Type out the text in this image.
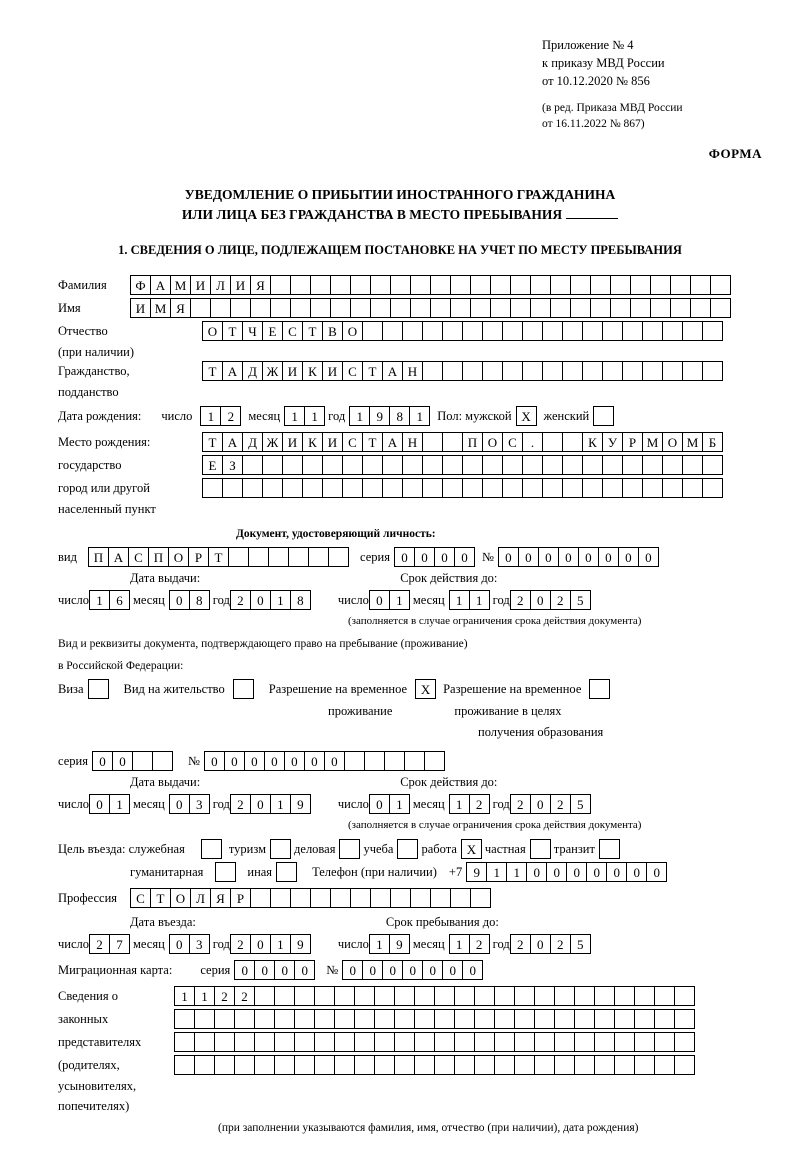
Приложение № 4
к приказу МВД России
от 10.12.2020 № 856
(в ред. Приказа МВД России
от 16.11.2022 № 867)
ФОРМА
УВЕДОМЛЕНИЕ О ПРИБЫТИИ ИНОСТРАННОГО ГРАЖДАНИНА
ИЛИ ЛИЦА БЕЗ ГРАЖДАНСТВА В МЕСТО ПРЕБЫВАНИЯ
1. СВЕДЕНИЯ О ЛИЦЕ, ПОДЛЕЖАЩЕМ ПОСТАНОВКЕ НА УЧЕТ ПО МЕСТУ ПРЕБЫВАНИЯ
Фамилия	Ф А М И Л И Я
Имя	И М Я
Отчество	О Т Ч Е С Т В О
(при наличии)
Гражданство,	Т А Д Ж И К И С Т А Н
подданство
Дата рождения: число	1	2	месяц 1	1 год 1	9	8	1	Пол: мужской Х	женский
Место рождения:	Т А Д Ж И К И С Т А Н	П О С	.	К У Р М О М Б
государство	Е З
город или другой
населенный пункт
Документ, удостоверяющий личность:
вид	П А С П О Р Т	серия 0	0	0	0	№ 0	0	0	0	0	0	0	0
Дата выдачи:	Срок действия до:
число 1	6 месяц 0	8 год 2	0	1	8	число 0	1 месяц 1	1 год 2	0	2	5
(заполняется в случае ограничения срока действия документа)
Вид и реквизиты документа, подтверждающего право на пребывание (проживание)
в Российской Федерации:
Виза	Вид на жительство	Разрешение на временное	Х	Разрешение на временное
проживание	проживание в целях
получения образования
серия 0	0	№ 0	0	0	0	0	0	0
Дата выдачи:	Срок действия до:
число 0	1 месяц 0	3 год 2	0	1	9	число 0	1 месяц 1	2 год 2	0	2	5
(заполняется в случае ограничения срока действия документа)
Цель въезда: служебная	туризм деловая учеба работа Х частная транзит
гуманитарная	иная	Телефон (при наличии) +7 9	1	1	0	0	0	0	0	0	0
Профессия	С Т О Л Я Р
Дата въезда:	Срок пребывания до:
число 2	7 месяц 0	3 год 2	0	1	9	число 1	9 месяц 1	2 год 2	0	2	5
Миграционная карта: серия 0	0	0	0	№ 0	0	0	0	0	0	0
Сведения о	1	1	2	2
законных
представителях
(родителях,
усыновителях,
попечителях)
(при заполнении указываются фамилия, имя, отчество (при наличии), дата рождения)
